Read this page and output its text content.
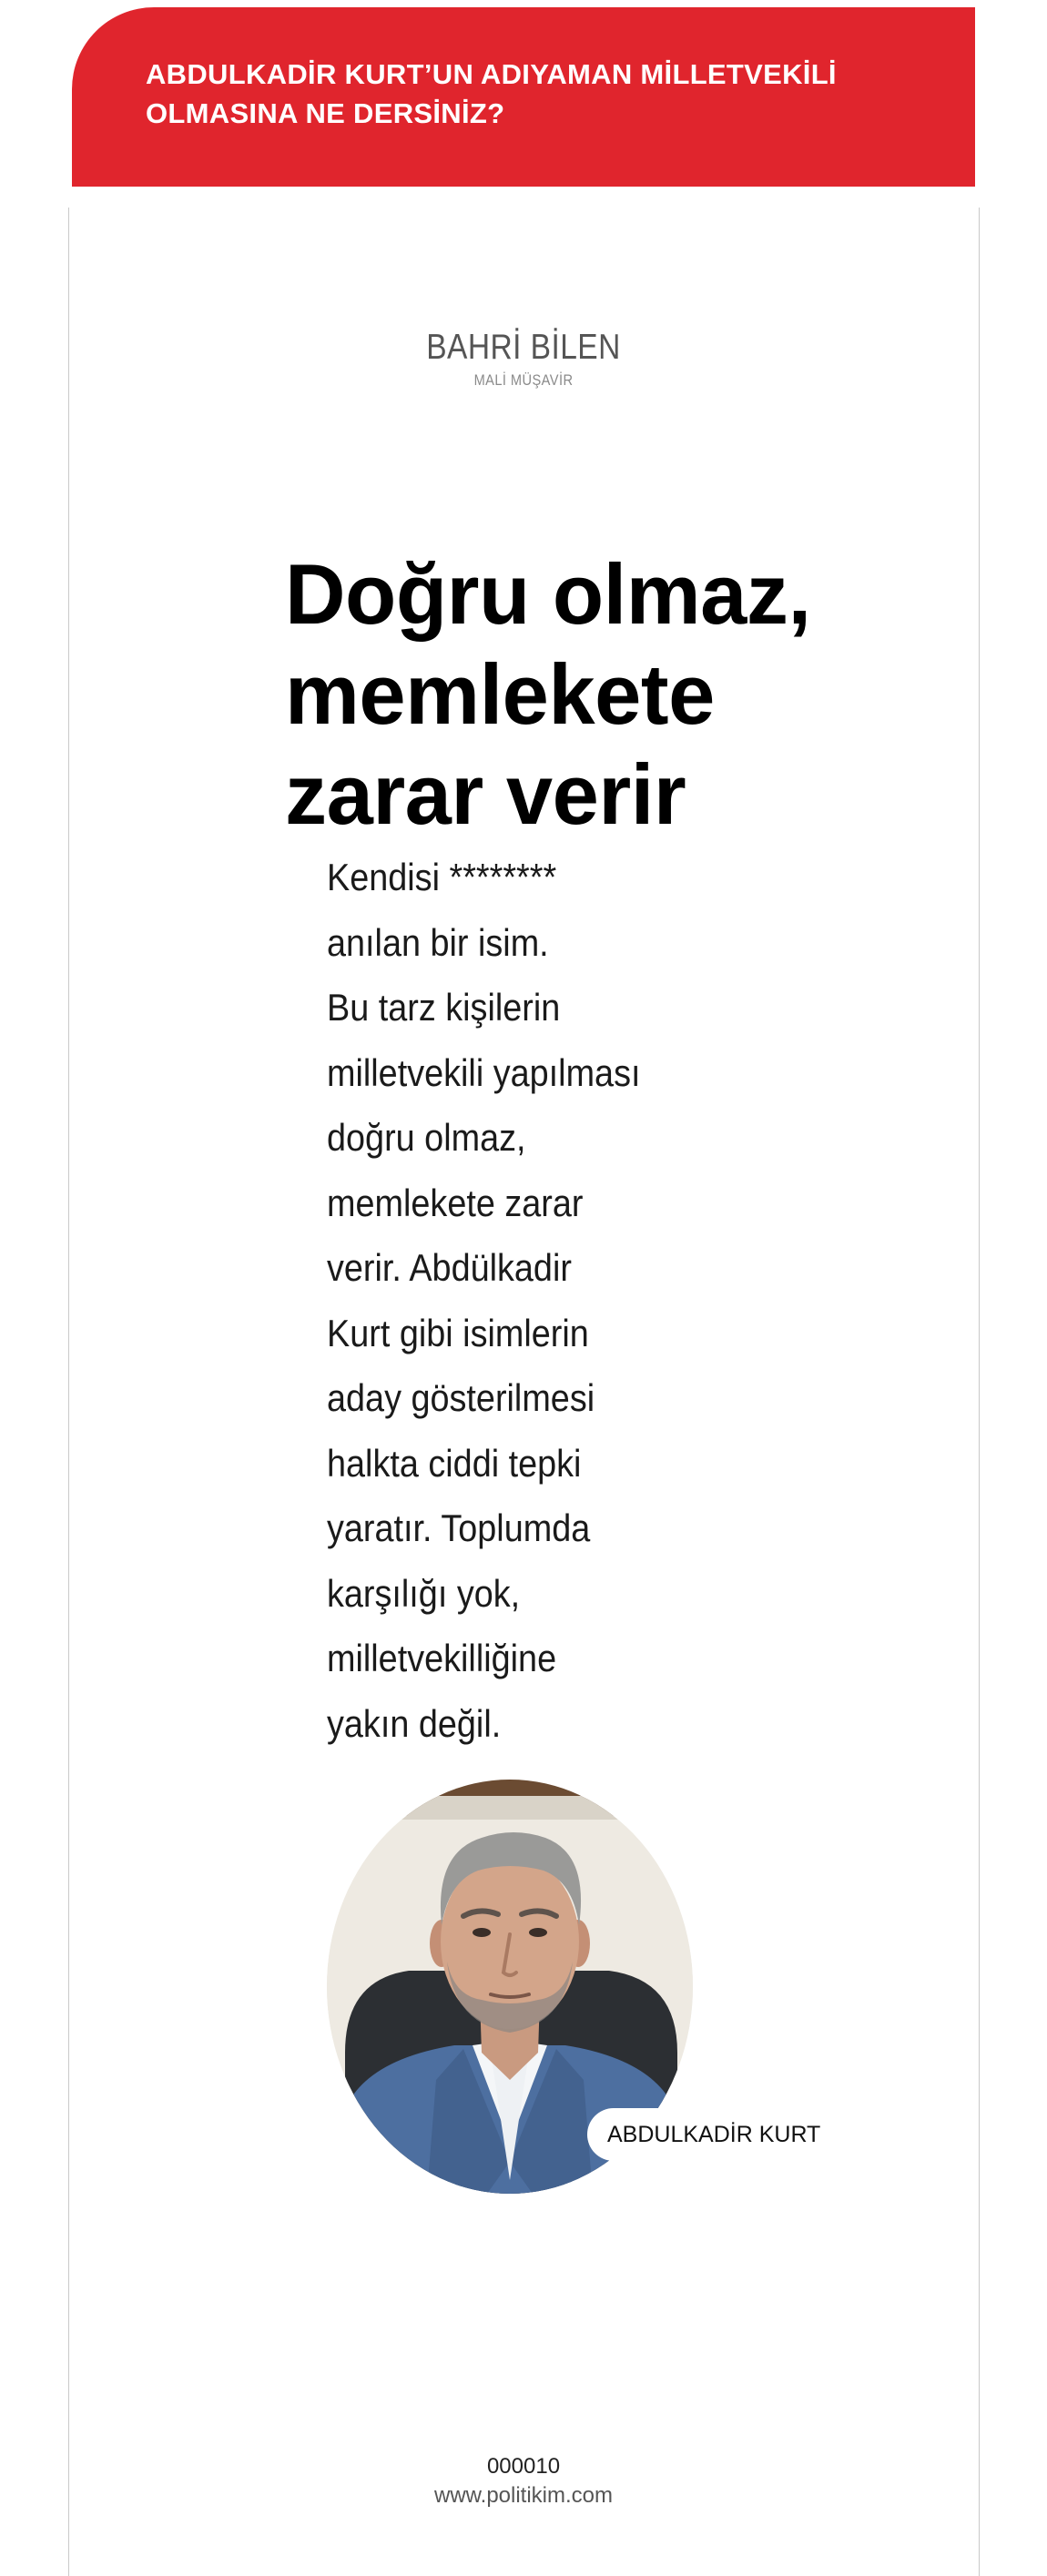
ABDULKADİR KURT’UN ADIYAMAN MİLLETVEKİLİ
OLMASINA NE DERSİNİZ?
BAHRİ BİLEN
MALİ MÜŞAVİR
Doğru olmaz,
memlekete
zarar verir
Kendisi ********
anılan bir isim.
Bu tarz kişilerin
milletvekili yapılması
doğru olmaz,
memlekete zarar
verir. Abdülkadir
Kurt gibi isimlerin
aday gösterilmesi
halkta ciddi tepki
yaratır. Toplumda
karşılığı yok,
milletvekilliğine
yakın değil.
ABDULKADİR KURT
000010
www.politikim.com
